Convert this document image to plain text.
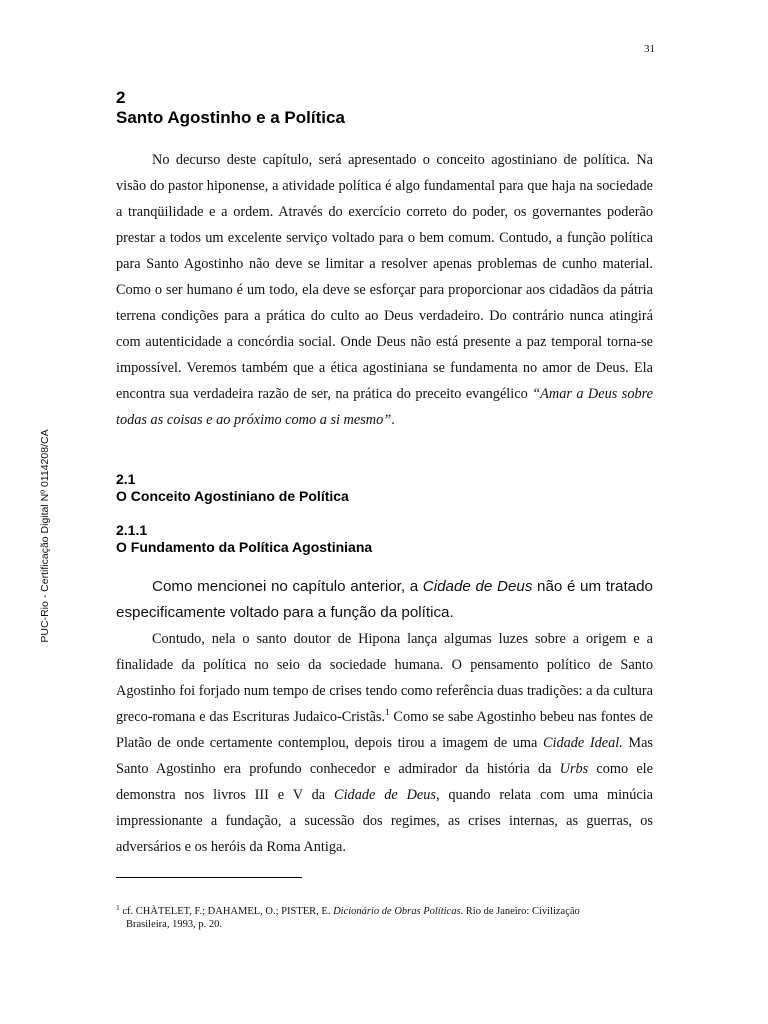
31
PUC-Rio - Certificação Digital Nº 0114208/CA
2
Santo Agostinho e a Política

No decurso deste capítulo, será apresentado o conceito agostiniano de política. Na visão do pastor hiponense, a atividade política é algo fundamental para que haja na sociedade a tranqüilidade e a ordem. Através do exercício correto do poder, os governantes poderão prestar a todos um excelente serviço voltado para o bem comum. Contudo, a função política para Santo Agostinho não deve se limitar a resolver apenas problemas de cunho material. Como o ser humano é um todo, ela deve se esforçar para proporcionar aos cidadãos da pátria terrena condições para a prática do culto ao Deus verdadeiro. Do contrário nunca atingirá com autenticidade a concórdia social. Onde Deus não está presente a paz temporal torna-se impossível. Veremos também que a ética agostiniana se fundamenta no amor de Deus. Ela encontra sua verdadeira razão de ser, na prática do preceito evangélico “Amar a Deus sobre todas as coisas e ao próximo como a si mesmo”.

2.1
O Conceito Agostiniano de Política
2.1.1
O Fundamento da Política Agostiniana

Como mencionei no capítulo anterior, a Cidade de Deus não é um tratado especificamente voltado para a função da política.

Contudo, nela o santo doutor de Hipona lança algumas luzes sobre a origem e a finalidade da política no seio da sociedade humana. O pensamento político de Santo Agostinho foi forjado num tempo de crises tendo como referência duas tradições: a da cultura greco-romana e das Escrituras Judaico-Cristãs.$^1$ Como se sabe Agostinho bebeu nas fontes de Platão de onde certamente contemplou, depois tirou a imagem de uma Cidade Ideal. Mas Santo Agostinho era profundo conhecedor e admirador da história da Urbs como ele demonstra nos livros III e V da Cidade de Deus, quando relata com uma minúcia impressionante a fundação, a sucessão dos regimes, as crises internas, as guerras, os adversários e os heróis da Roma Antiga.

$^1$ cf. CHÀTELET, F.; DAHAMEL, O.; PISTER, E. Dicionário de Obras Políticas. Rio de Janeiro: Civilização
Brasileira, 1993, p. 20.
